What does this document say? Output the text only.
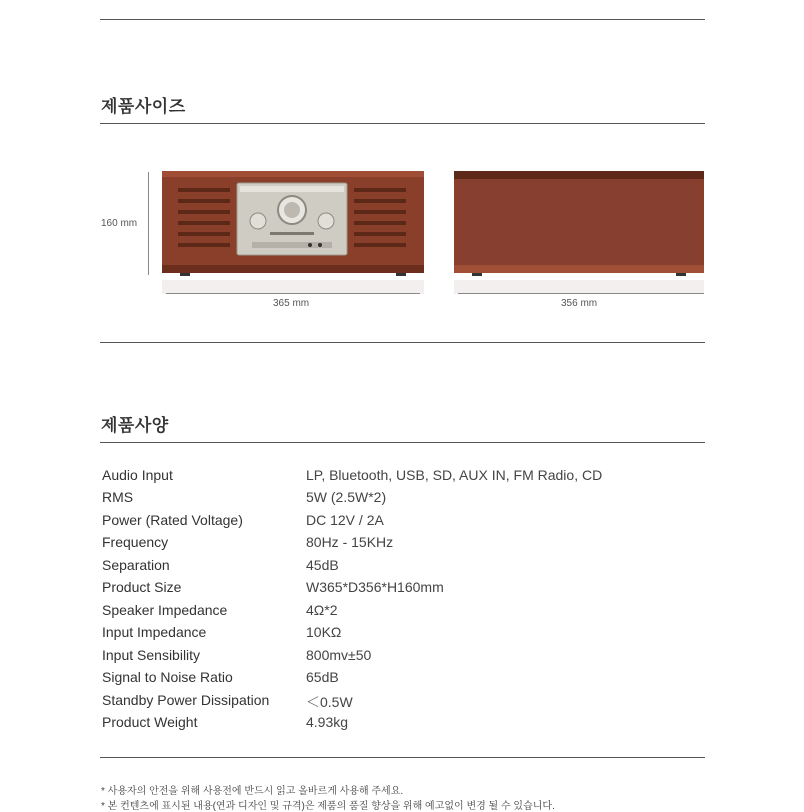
제품사이즈
160 mm
365 mm	356 mm
제품사양
Audio Input	LP, Bluetooth, USB, SD, AUX IN, FM Radio, CD
RMS	5W (2.5W*2)
Power (Rated Voltage)	DC 12V / 2A
Frequency	80Hz - 15KHz
Separation	45dB
Product Size	W365*D356*H160mm
Speaker Impedance	4Ω*2
Input Impedance	10KΩ
Input Sensibility	800mv±50
Signal to Noise Ratio	65dB
Standby Power Dissipation	＜0.5W
Product Weight	4.93kg
* 사용자의 안전을 위해 사용전에 반드시 읽고 올바르게 사용해 주세요.
* 본 컨텐츠에 표시된 내용(연과 디자인 및 규격)은 제품의 품질 향상을 위해 예고없이 변경 될 수 있습니다.
